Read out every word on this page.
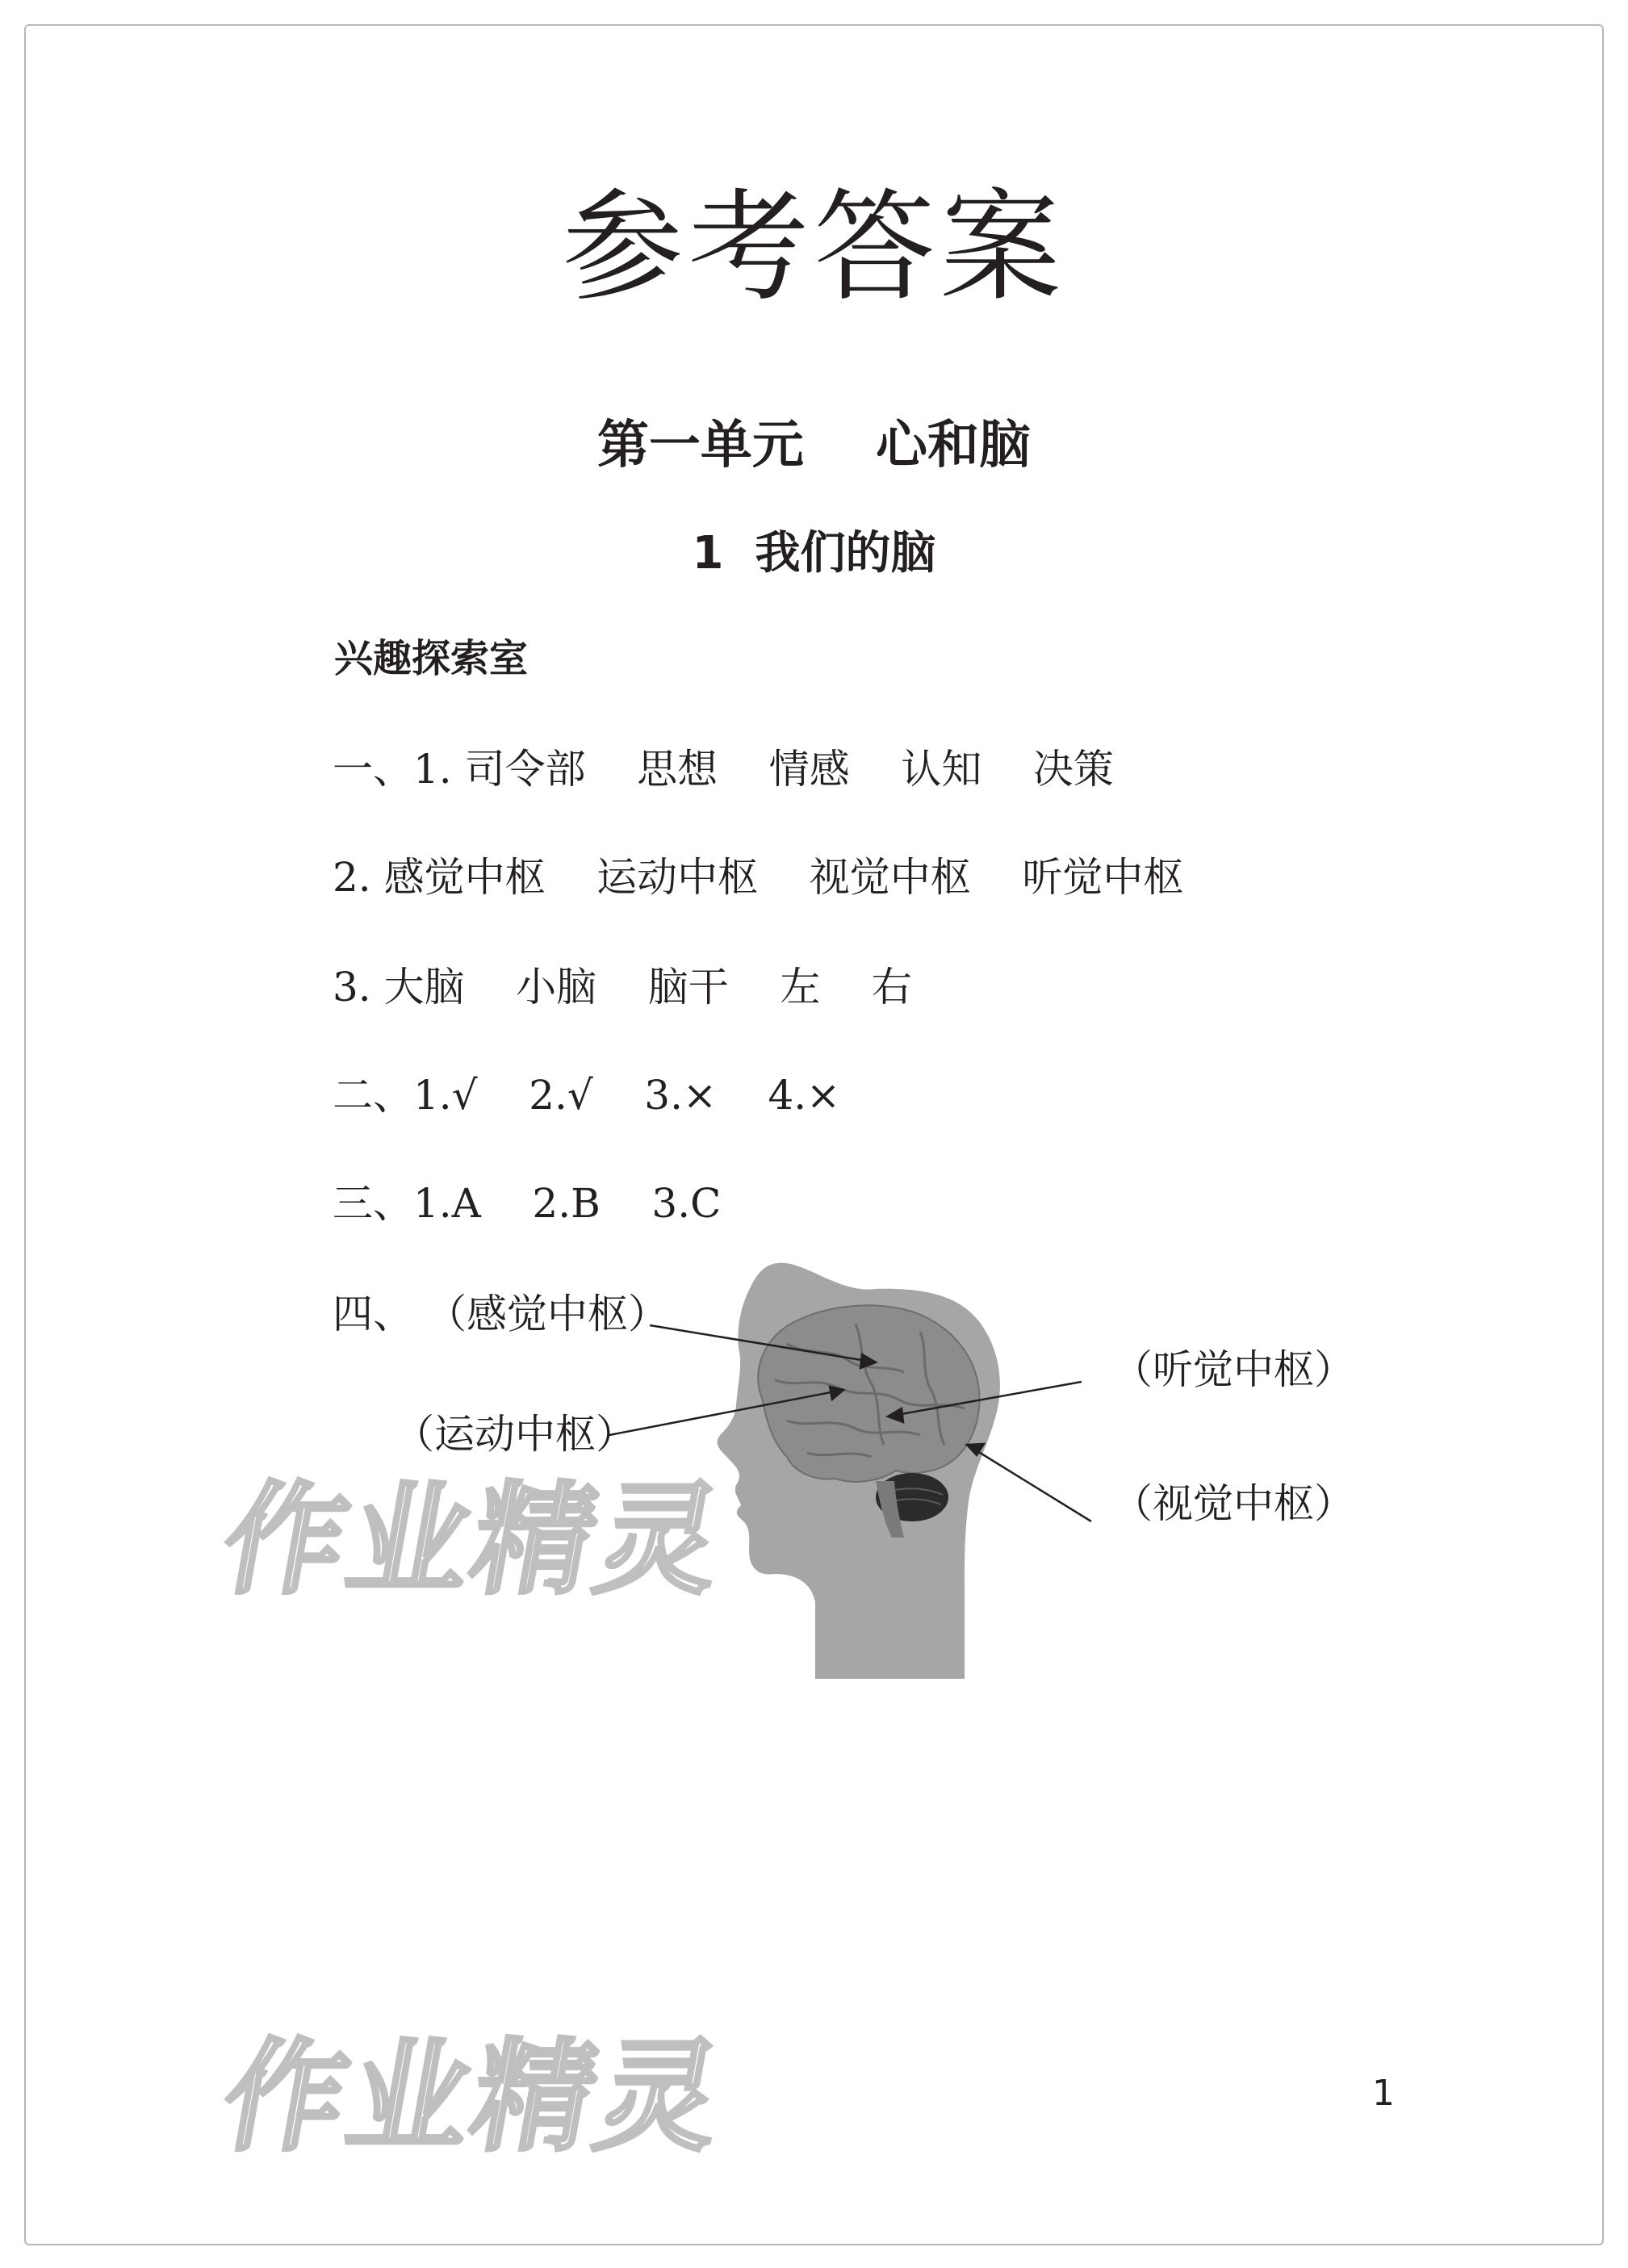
参考答案
第一单元    心和脑
1  我们的脑
兴趣探索室
一、1. 司令部    思想    情感    认知    决策
2. 感觉中枢    运动中枢    视觉中枢    听觉中枢
3. 大脑    小脑    脑干    左    右
二、1.√    2.√    3.×    4.×
三、1.A    2.B    3.C
四、
作业精灵
作业精灵
（感觉中枢）
（听觉中枢）
（运动中枢）
（视觉中枢）
1
